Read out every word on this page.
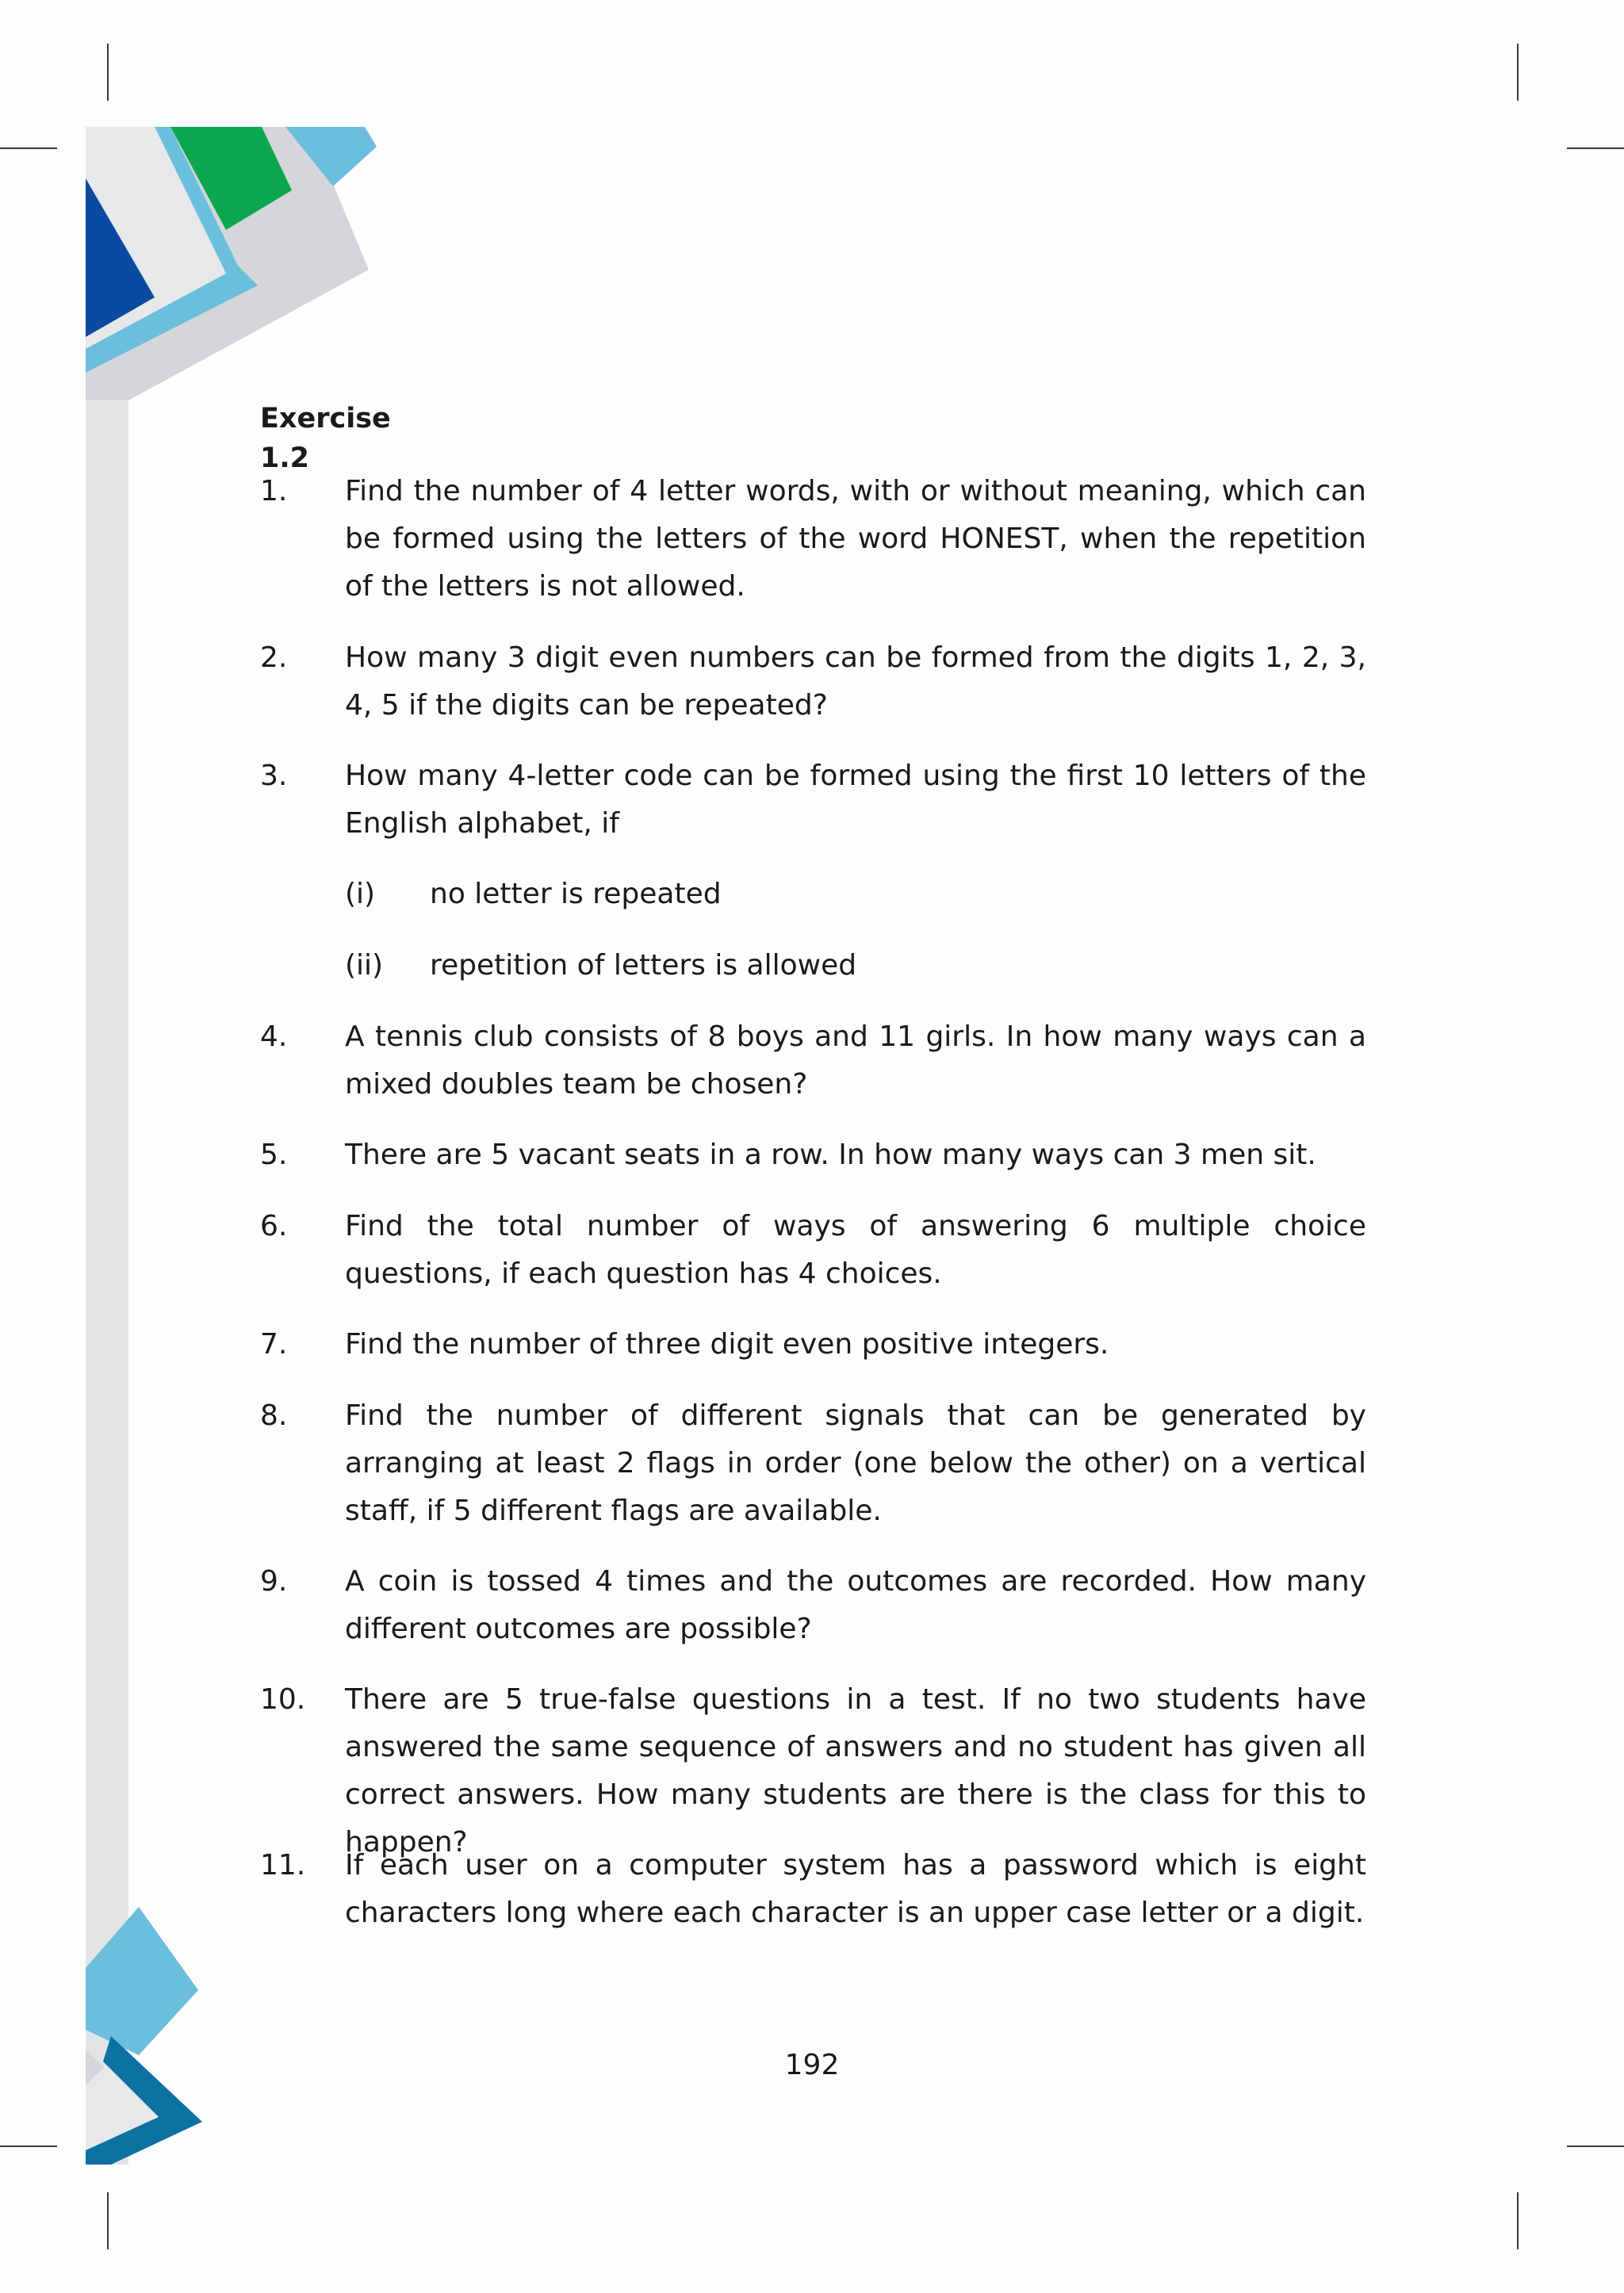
Exercise 1.2
1.	Find the number of 4 letter words, with or without meaning, which can be formed using the letters of the word HONEST, when the repetition of the letters is not allowed.
2.	How many 3 digit even numbers can be formed from the digits 1, 2, 3, 4, 5 if the digits can be repeated?
3.	How many 4-letter code can be formed using the first 10 letters of the English alphabet, if
(i) no letter is repeated
(ii) repetition of letters is allowed
4.	A tennis club consists of 8 boys and 11 girls. In how many ways can a mixed doubles team be chosen?
5.	There are 5 vacant seats in a row. In how many ways can 3 men sit.
6.	Find the total number of ways of answering 6 multiple choice questions, if each question has 4 choices.
7.	Find the number of three digit even positive integers.
8.	Find the number of different signals that can be generated by arranging at least 2 flags in order (one below the other) on a vertical staff, if 5 different flags are available.
9.	A coin is tossed 4 times and the outcomes are recorded. How many different outcomes are possible?
10.	There are 5 true-false questions in a test. If no two students have answered the same sequence of answers and no student has given all correct answers. How many students are there is the class for this to happen?
11.	If each user on a computer system has a password which is eight characters long where each character is an upper case letter or a digit.
192
